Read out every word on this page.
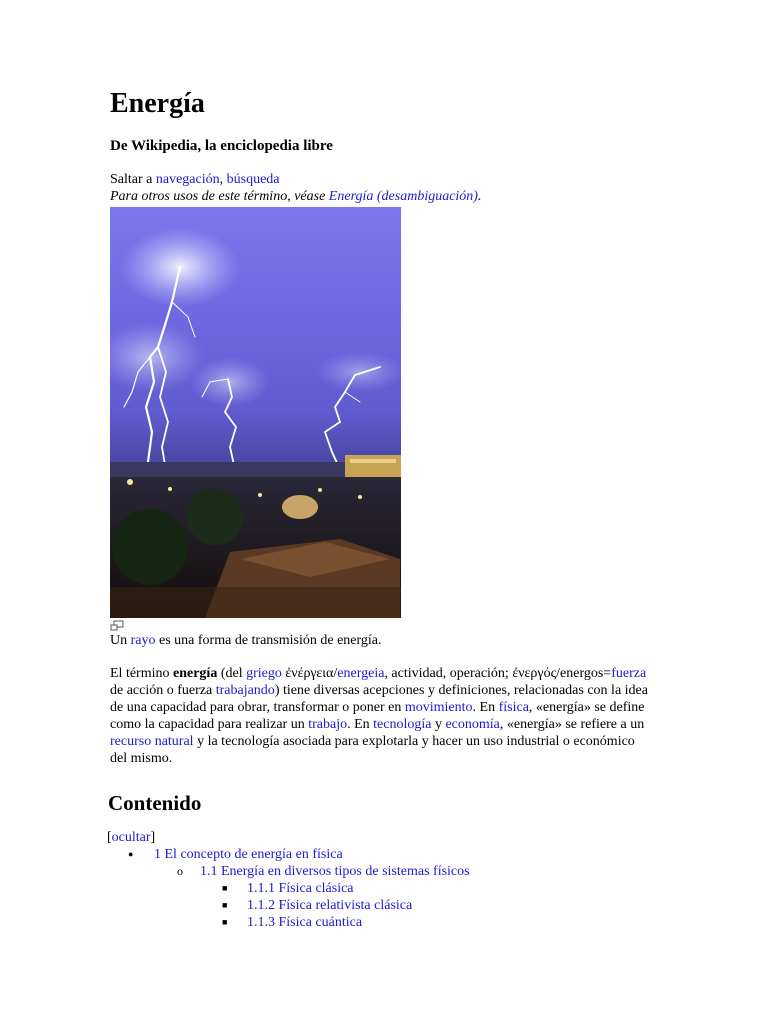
Energía
De Wikipedia, la enciclopedia libre
Saltar a navegación, búsqueda
Para otros usos de este término, véase Energía (desambiguación).
Un rayo es una forma de transmisión de energía.
El término energía (del griego ἐνέργεια/energeia, actividad, operación; ἐνεργός/energos=fuerza de acción o fuerza trabajando) tiene diversas acepciones y definiciones, relacionadas con la idea de una capacidad para obrar, transformar o poner en movimiento. En física, «energía» se define como la capacidad para realizar un trabajo. En tecnología y economía, «energía» se refiere a un recurso natural y la tecnología asociada para explotarla y hacer un uso industrial o económico del mismo.
Contenido
[ocultar]
● 1 El concepto de energía en física
o 1.1 Energía en diversos tipos de sistemas físicos
■ 1.1.1 Física clásica
■ 1.1.2 Física relativista clásica
■ 1.1.3 Física cuántica
